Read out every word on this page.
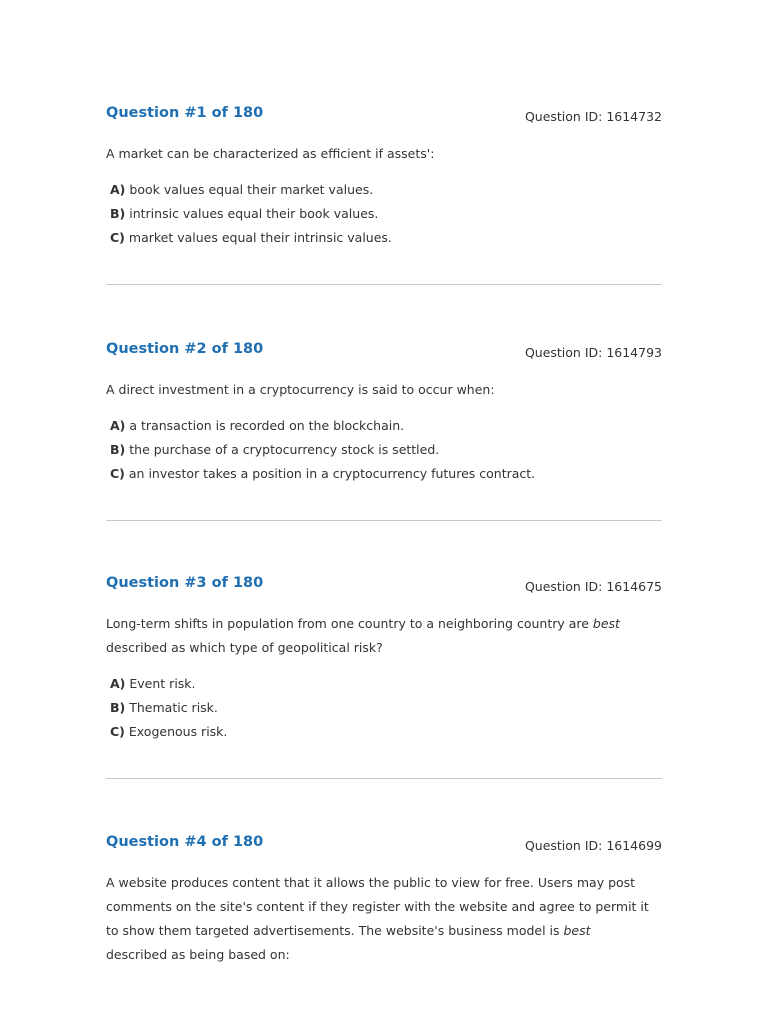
Question #1 of 180	Question ID: 1614732
A market can be characterized as efficient if assets':
A) book values equal their market values.
B) intrinsic values equal their book values.
C) market values equal their intrinsic values.
Question #2 of 180	Question ID: 1614793
A direct investment in a cryptocurrency is said to occur when:
A) a transaction is recorded on the blockchain.
B) the purchase of a cryptocurrency stock is settled.
C) an investor takes a position in a cryptocurrency futures contract.
Question #3 of 180	Question ID: 1614675
Long-term shifts in population from one country to a neighboring country are best
described as which type of geopolitical risk?
A) Event risk.
B) Thematic risk.
C) Exogenous risk.
Question #4 of 180	Question ID: 1614699
A website produces content that it allows the public to view for free. Users may post
comments on the site's content if they register with the website and agree to permit it
to show them targeted advertisements. The website's business model is best
described as being based on:
